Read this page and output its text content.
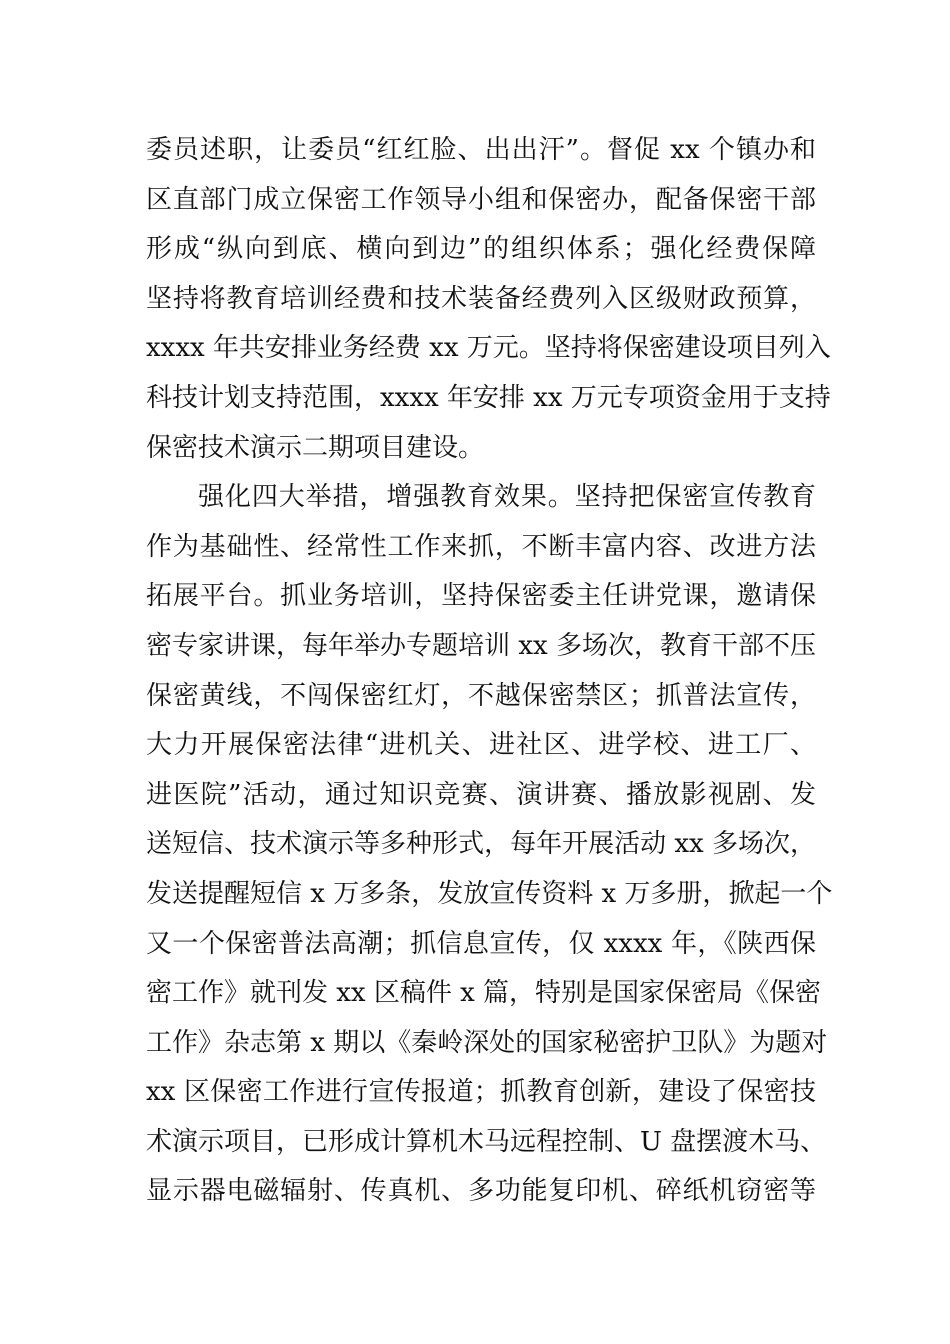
委员述职，让委员“红红脸、出出汗”。督促 xx 个镇办和
区直部门成立保密工作领导小组和保密办，配备保密干部
形成“纵向到底、横向到边”的组织体系；强化经费保障
坚持将教育培训经费和技术装备经费列入区级财政预算，
xxxx 年共安排业务经费 xx 万元。坚持将保密建设项目列入
科技计划支持范围，xxxx 年安排 xx 万元专项资金用于支持
保密技术演示二期项目建设。
强化四大举措，增强教育效果。坚持把保密宣传教育
作为基础性、经常性工作来抓，不断丰富内容、改进方法
拓展平台。抓业务培训，坚持保密委主任讲党课，邀请保
密专家讲课，每年举办专题培训 xx 多场次，教育干部不压
保密黄线，不闯保密红灯，不越保密禁区；抓普法宣传，
大力开展保密法律“进机关、进社区、进学校、进工厂、
进医院”活动，通过知识竞赛、演讲赛、播放影视剧、发
送短信、技术演示等多种形式，每年开展活动 xx 多场次，
发送提醒短信 x 万多条，发放宣传资料 x 万多册，掀起一个
又一个保密普法高潮；抓信息宣传，仅 xxxx 年，《陕西保
密工作》就刊发 xx 区稿件 x 篇，特别是国家保密局《保密
工作》杂志第 x 期以《秦岭深处的国家秘密护卫队》为题对
xx 区保密工作进行宣传报道；抓教育创新，建设了保密技
术演示项目，已形成计算机木马远程控制、U 盘摆渡木马、
显示器电磁辐射、传真机、多功能复印机、碎纸机窃密等
